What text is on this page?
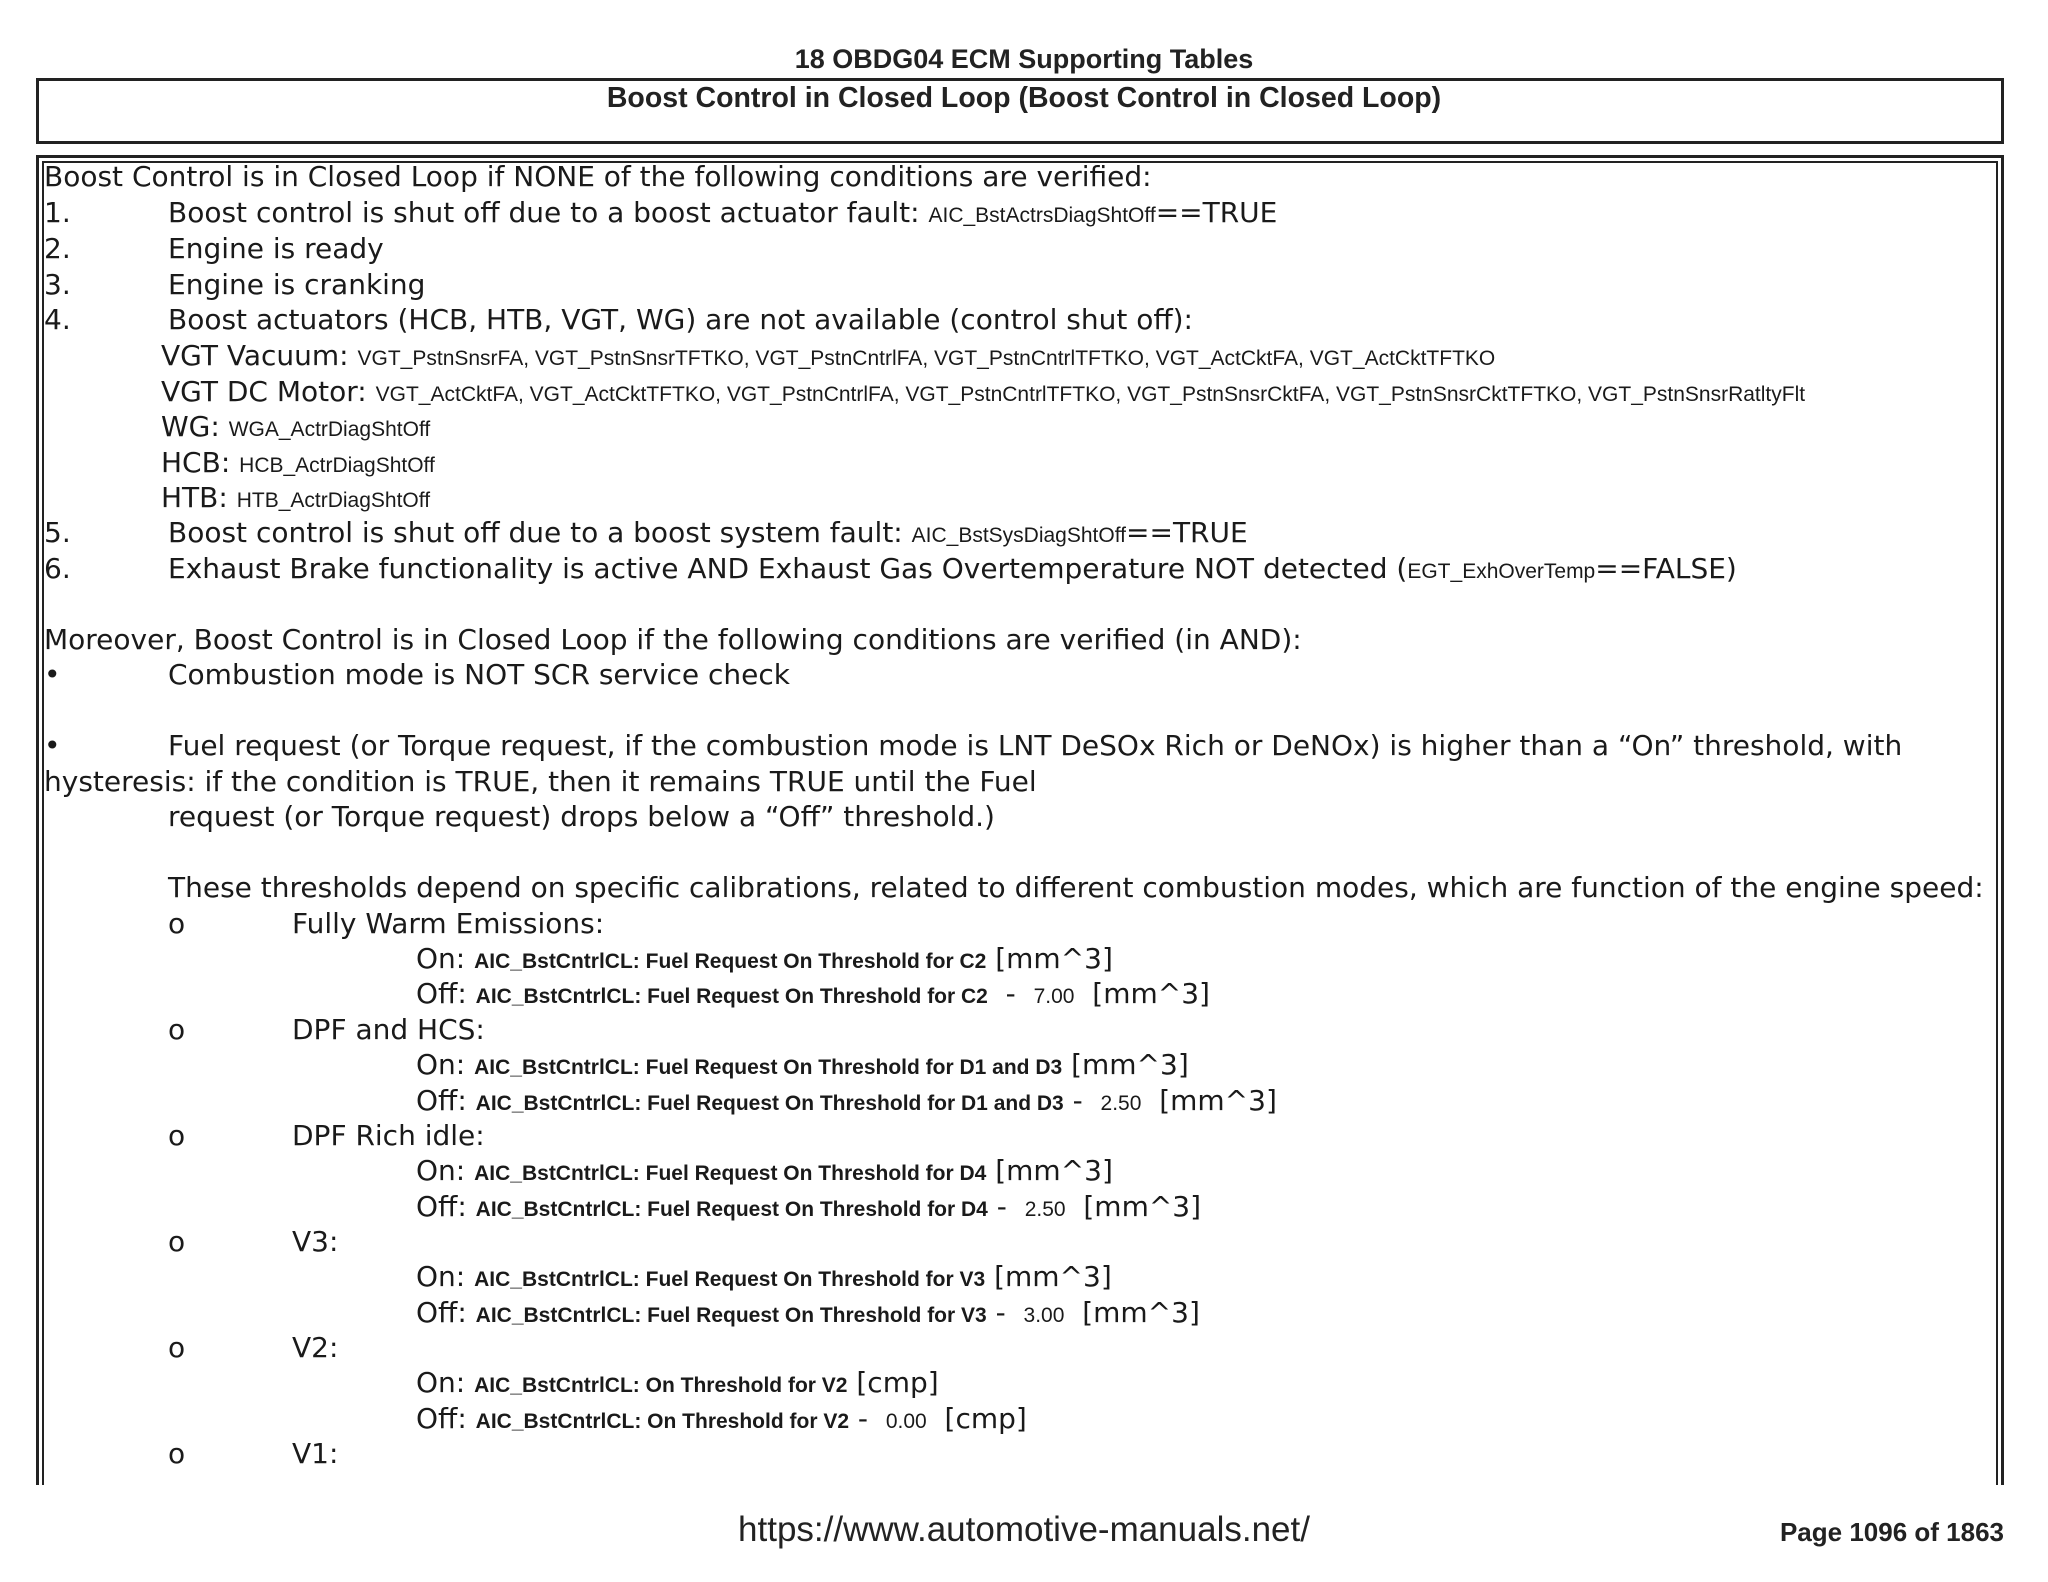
18 OBDG04 ECM Supporting Tables
Boost Control in Closed Loop (Boost Control in Closed Loop)
Boost Control is in Closed Loop if NONE of the following conditions are verified:
1.	Boost control is shut off due to a boost actuator fault: AIC_BstActrsDiagShtOff==TRUE
2.	Engine is ready
3.	Engine is cranking
4.	Boost actuators (HCB, HTB, VGT, WG) are not available (control shut off):
VGT Vacuum: VGT_PstnSnsrFA, VGT_PstnSnsrTFTKO, VGT_PstnCntrlFA, VGT_PstnCntrlTFTKO, VGT_ActCktFA, VGT_ActCktTFTKO
VGT DC Motor: VGT_ActCktFA, VGT_ActCktTFTKO, VGT_PstnCntrlFA, VGT_PstnCntrlTFTKO, VGT_PstnSnsrCktFA, VGT_PstnSnsrCktTFTKO, VGT_PstnSnsrRatltyFlt
WG: WGA_ActrDiagShtOff
HCB: HCB_ActrDiagShtOff
HTB: HTB_ActrDiagShtOff
5.	Boost control is shut off due to a boost system fault: AIC_BstSysDiagShtOff==TRUE
6.	Exhaust Brake functionality is active AND Exhaust Gas Overtemperature NOT detected (EGT_ExhOverTemp==FALSE)
Moreover, Boost Control is in Closed Loop if the following conditions are verified (in AND):
•	Combustion mode is NOT SCR service check
•	Fuel request (or Torque request, if the combustion mode is LNT DeSOx Rich or DeNOx) is higher than a “On” threshold, with
hysteresis: if the condition is TRUE, then it remains TRUE until the Fuel
request (or Torque request) drops below a “Off” threshold.)
These thresholds depend on specific calibrations, related to different combustion modes, which are function of the engine speed:
o	Fully Warm Emissions:
On: AIC_BstCntrlCL: Fuel Request On Threshold for C2 [mm^3]
Off: AIC_BstCntrlCL: Fuel Request On Threshold for C2  -  7.00  [mm^3]
o	DPF and HCS:
On: AIC_BstCntrlCL: Fuel Request On Threshold for D1 and D3 [mm^3]
Off: AIC_BstCntrlCL: Fuel Request On Threshold for D1 and D3 -  2.50  [mm^3]
o	DPF Rich idle:
On: AIC_BstCntrlCL: Fuel Request On Threshold for D4 [mm^3]
Off: AIC_BstCntrlCL: Fuel Request On Threshold for D4 -  2.50  [mm^3]
o	V3:
On: AIC_BstCntrlCL: Fuel Request On Threshold for V3 [mm^3]
Off: AIC_BstCntrlCL: Fuel Request On Threshold for V3 -  3.00  [mm^3]
o	V2:
On: AIC_BstCntrlCL: On Threshold for V2 [cmp]
Off: AIC_BstCntrlCL: On Threshold for V2 -  0.00  [cmp]
o	V1:
https://www.automotive-manuals.net/	Page 1096 of 1863
